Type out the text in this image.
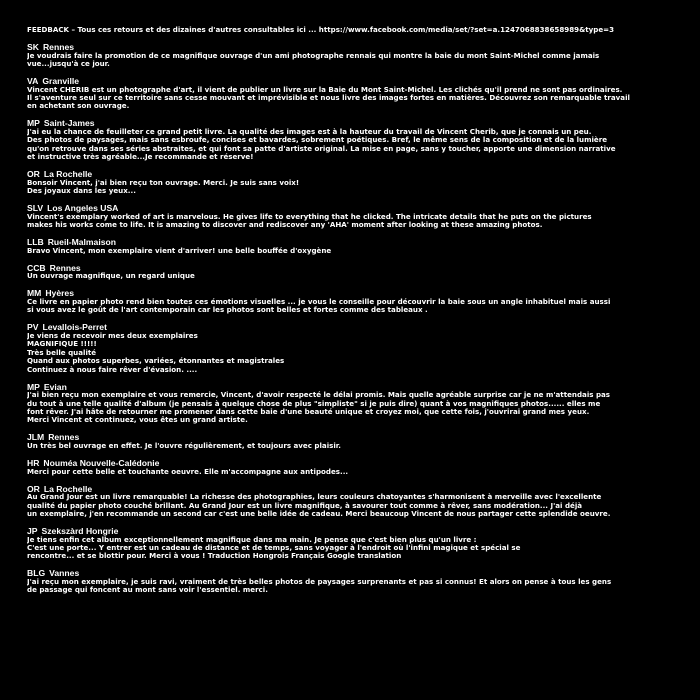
FEEDBACK – Tous ces retours et des dizaines d'autres consultables ici ... https://www.facebook.com/media/set/?set=a.1247068838658989&type=3
SK Rennes
Je voudrais faire la promotion de ce magnifique ouvrage d'un ami photographe rennais qui montre la baie du mont Saint-Michel comme jamais
vue...jusqu'à ce jour.
VA Granville
Vincent CHERIB est un photographe d'art, il vient de publier un livre sur la Baie du Mont Saint-Michel. Les clichés qu'il prend ne sont pas ordinaires.
Il s'aventure seul sur ce territoire sans cesse mouvant et imprévisible et nous livre des images fortes en matières. Découvrez son remarquable travail
en achetant son ouvrage.
MP Saint-James
J'ai eu la chance de feuilleter ce grand petit livre. La qualité des images est à la hauteur du travail de Vincent Cherib, que je connais un peu.
Des photos de paysages, mais sans esbroufe, concises et bavardes, sobrement poétiques. Bref, le même sens de la composition et de la lumière
qu'on retrouve dans ses séries abstraites, et qui font sa patte d'artiste original. La mise en page, sans y toucher, apporte une dimension narrative
et instructive très agréable...Je recommande et réserve!
OR La Rochelle
Bonsoir Vincent, j'ai bien reçu ton ouvrage. Merci. Je suis sans voix!
Des joyaux dans les yeux...
SLV Los Angeles USA
Vincent's exemplary worked of art is marvelous. He gives life to everything that he clicked. The intricate details that he puts on the pictures
makes his works come to life. It is amazing to discover and rediscover any 'AHA' moment after looking at these amazing photos.
LLB Rueil-Malmaison
Bravo Vincent, mon exemplaire vient d'arriver! une belle bouffée d'oxygène
CCB Rennes
Un ouvrage magnifique, un regard unique
MM Hyères
Ce livre en papier photo rend bien toutes ces émotions visuelles ... je vous le conseille pour découvrir la baie sous un angle inhabituel mais aussi
si vous avez le goût de l'art contemporain car les photos sont belles et fortes comme des tableaux .
PV Levallois-Perret
Je viens de recevoir mes deux exemplaires
MAGNIFIQUE !!!!!
Très belle qualité
Quand aux photos superbes, variées, étonnantes et magistrales
Continuez à nous faire rêver d'évasion. ....
MP Evian
J'ai bien reçu mon exemplaire et vous remercie, Vincent, d'avoir respecté le délai promis. Mais quelle agréable surprise car je ne m'attendais pas
du tout à une telle qualité d'album (je pensais à quelque chose de plus "simpliste" si je puis dire) quant à vos magnifiques photos...... elles me
font rêver. J'ai hâte de retourner me promener dans cette baie d'une beauté unique et croyez moi, que cette fois, j'ouvrirai grand mes yeux.
Merci Vincent et continuez, vous êtes un grand artiste.
JLM Rennes
Un très bel ouvrage en effet. Je l'ouvre régulièrement, et toujours avec plaisir.
HR Nouméa Nouvelle-Calédonie
Merci pour cette belle et touchante oeuvre. Elle m'accompagne aux antipodes...
OR La Rochelle
Au Grand Jour est un livre remarquable! La richesse des photographies, leurs couleurs chatoyantes s'harmonisent à merveille avec l'excellente
qualité du papier photo couché brillant. Au Grand Jour est un livre magnifique, à savourer tout comme à rêver, sans modération... J'ai déjà
un exemplaire, j'en recommande un second car c'est une belle idée de cadeau. Merci beaucoup Vincent de nous partager cette splendide oeuvre.
JP Szekszàrd Hongrie
Je tiens enfin cet album exceptionnellement magnifique dans ma main. Je pense que c'est bien plus qu'un livre :
C'est une porte... Y entrer est un cadeau de distance et de temps, sans voyager à l'endroit où l'infini magique et spécial se
rencontre... et se blottir pour. Merci à vous ! Traduction Hongrois Français Google translation
BLG Vannes
J'ai reçu mon exemplaire, je suis ravi, vraiment de très belles photos de paysages surprenants et pas si connus! Et alors on pense à tous les gens
de passage qui foncent au mont sans voir l'essentiel. merci.
